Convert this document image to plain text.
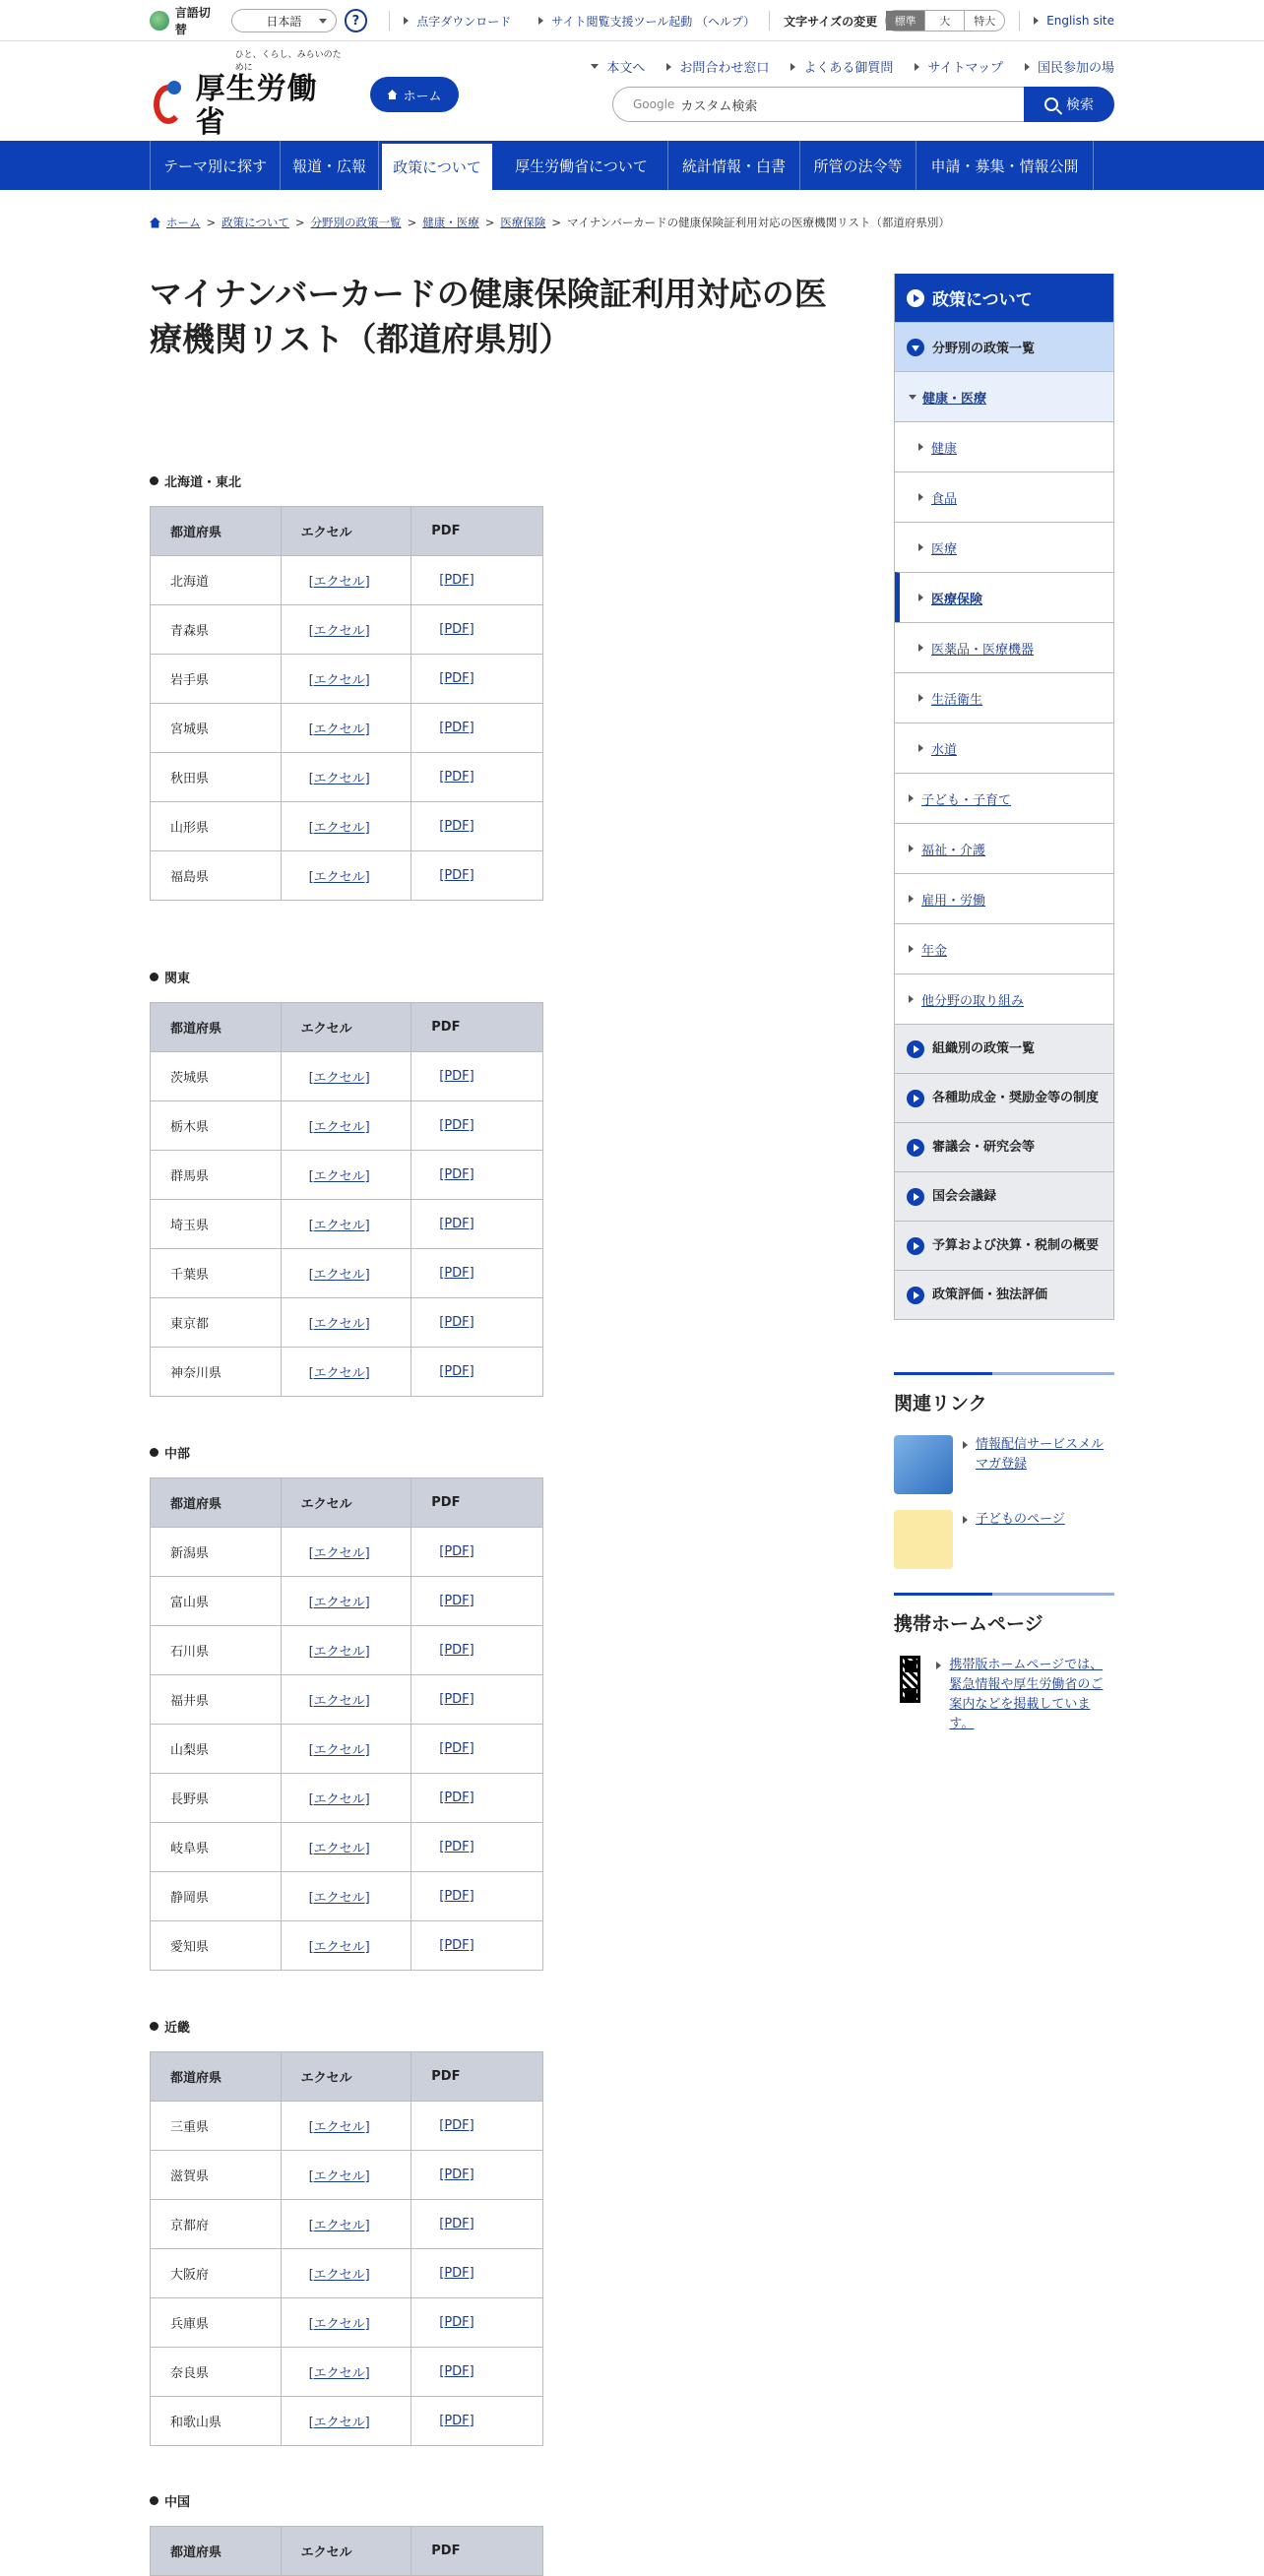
言語切替
日本語	?	点字ダウンロード	サイト閲覧支援ツール起動 （ヘルプ） 文字サイズの変更	標準	大	特大	English site
ひと、くらし、みらいのために
厚生労働省
ホーム
本文へ	お問合わせ窓口	よくある御質問	サイトマップ	国民参加の場
Google カスタム検索	検索
テーマ別に探す	報道・広報	政策について	厚生労働省について	統計情報・白書	所管の法令等	申請・募集・情報公開
ホーム > 政策について > 分野別の政策一覧 > 健康・医療 > 医療保険 > マイナンバーカードの健康保険証利用対応の医療機関リスト（都道府県別）
マイナンバーカードの健康保険証利用対応の医療機関リスト（都道府県別）
北海道・東北
都道府県	エクセル	PDF
北海道	[エクセル]	[PDF]
青森県	[エクセル]	[PDF]
岩手県	[エクセル]	[PDF]
宮城県	[エクセル]	[PDF]
秋田県	[エクセル]	[PDF]
山形県	[エクセル]	[PDF]
福島県	[エクセル]	[PDF]
関東
都道府県	エクセル	PDF
茨城県	[エクセル]	[PDF]
栃木県	[エクセル]	[PDF]
群馬県	[エクセル]	[PDF]
埼玉県	[エクセル]	[PDF]
千葉県	[エクセル]	[PDF]
東京都	[エクセル]	[PDF]
神奈川県	[エクセル]	[PDF]
中部
都道府県	エクセル	PDF
新潟県	[エクセル]	[PDF]
富山県	[エクセル]	[PDF]
石川県	[エクセル]	[PDF]
福井県	[エクセル]	[PDF]
山梨県	[エクセル]	[PDF]
長野県	[エクセル]	[PDF]
岐阜県	[エクセル]	[PDF]
静岡県	[エクセル]	[PDF]
愛知県	[エクセル]	[PDF]
近畿
都道府県	エクセル	PDF
三重県	[エクセル]	[PDF]
滋賀県	[エクセル]	[PDF]
京都府	[エクセル]	[PDF]
大阪府	[エクセル]	[PDF]
兵庫県	[エクセル]	[PDF]
奈良県	[エクセル]	[PDF]
和歌山県	[エクセル]	[PDF]
中国
都道府県	エクセル	PDF
政策について
分野別の政策一覧
健康・医療
健康
食品
医療
医療保険
医薬品・医療機器
生活衛生
水道
子ども・子育て
福祉・介護
雇用・労働
年金
他分野の取り組み
組織別の政策一覧
各種助成金・奨励金等の制度
審議会・研究会等
国会会議録
予算および決算・税制の概要
政策評価・独法評価
関連リンク
情報配信サービスメルマガ登録
子どものページ
携帯ホームページ
携帯版ホームページでは、緊急情報や厚生労働省のご案内などを掲載しています。
